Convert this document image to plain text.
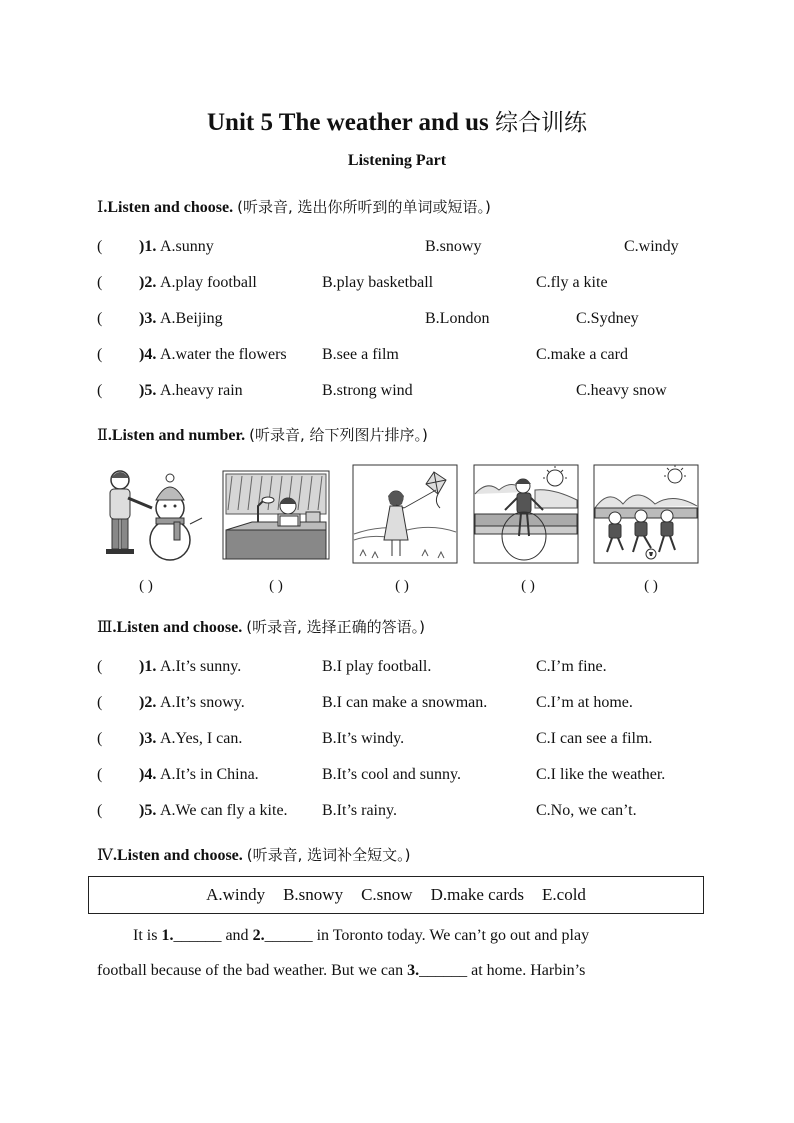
Unit 5 The weather and us 综合训练
Listening Part
Ⅰ.Listen and choose. (听录音, 选出你所听到的单词或短语。)
( )1. A.sunny	B.snowy	C.windy
( )2. A.play football	B.play basketball	C.fly a kite
( )3. A.Beijing	B.London	C.Sydney
( )4. A.water the flowers B.see a film	C.make a card
( )5. A.heavy rain	B.strong wind	C.heavy snow
Ⅱ.Listen and number. (听录音, 给下列图片排序。)
( )	( )	( )	( )	( )
Ⅲ.Listen and choose. (听录音, 选择正确的答语。)
( )1. A.It’s sunny.	B.I play football.	C.I’m fine.
( )2. A.It’s snowy.	B.I can make a snowman.	C.I’m at home.
( )3. A.Yes, I can.	B.It’s windy.	C.I can see a film.
( )4. A.It’s in China.	B.It’s cool and sunny.	C.I like the weather.
( )5. A.We can fly a kite. B.It’s rainy.	C.No, we can’t.
Ⅳ.Listen and choose. (听录音, 选词补全短文。)
A.windy B.snowy C.snow D.make cards E.cold
It is 1.______ and 2.______ in Toronto today. We can’t go out and play
football because of the bad weather. But we can 3.______ at home. Harbin’s
